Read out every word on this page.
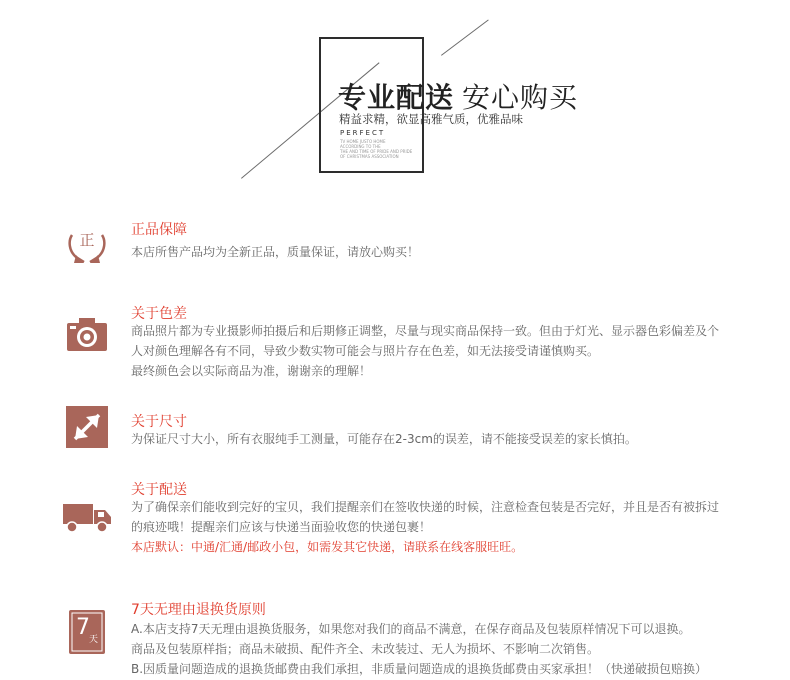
专业配送 安心购买
精益求精，欲显高雅气质，优雅品味
PERFECT
TV HOME JUSTO HOME
ACCORDING TO THE
THE AND TIME OF PRIDE AND PRIDE
OF CHRISTMAS ASSOCIATION
正
正品保障
本店所售产品均为全新正品，质量保证，请放心购买！
关于色差
商品照片都为专业摄影师拍摄后和后期修正调整，尽量与现实商品保持一致。但由于灯光、显示器色彩偏差及个
人对颜色理解各有不同，导致少数实物可能会与照片存在色差，如无法接受请谨慎购买。
最终颜色会以实际商品为准，谢谢亲的理解！
关于尺寸
为保证尺寸大小，所有衣服纯手工测量，可能存在2-3cm的误差，请不能接受误差的家长慎拍。
关于配送
为了确保亲们能收到完好的宝贝，我们提醒亲们在签收快递的时候，注意检查包装是否完好，并且是否有被拆过
的痕迹哦！提醒亲们应该与快递当面验收您的快递包裹！
本店默认：中通/汇通/邮政小包，如需发其它快递，请联系在线客服旺旺。
7 天
7天无理由退换货原则
A.本店支持7天无理由退换货服务，如果您对我们的商品不满意，在保存商品及包装原样情况下可以退换。
商品及包装原样指；商品未破损、配件齐全、未改装过、无人为损坏、不影响二次销售。
B.因质量问题造成的退换货邮费由我们承担，非质量问题造成的退换货邮费由买家承担！（快递破损包赔换）
